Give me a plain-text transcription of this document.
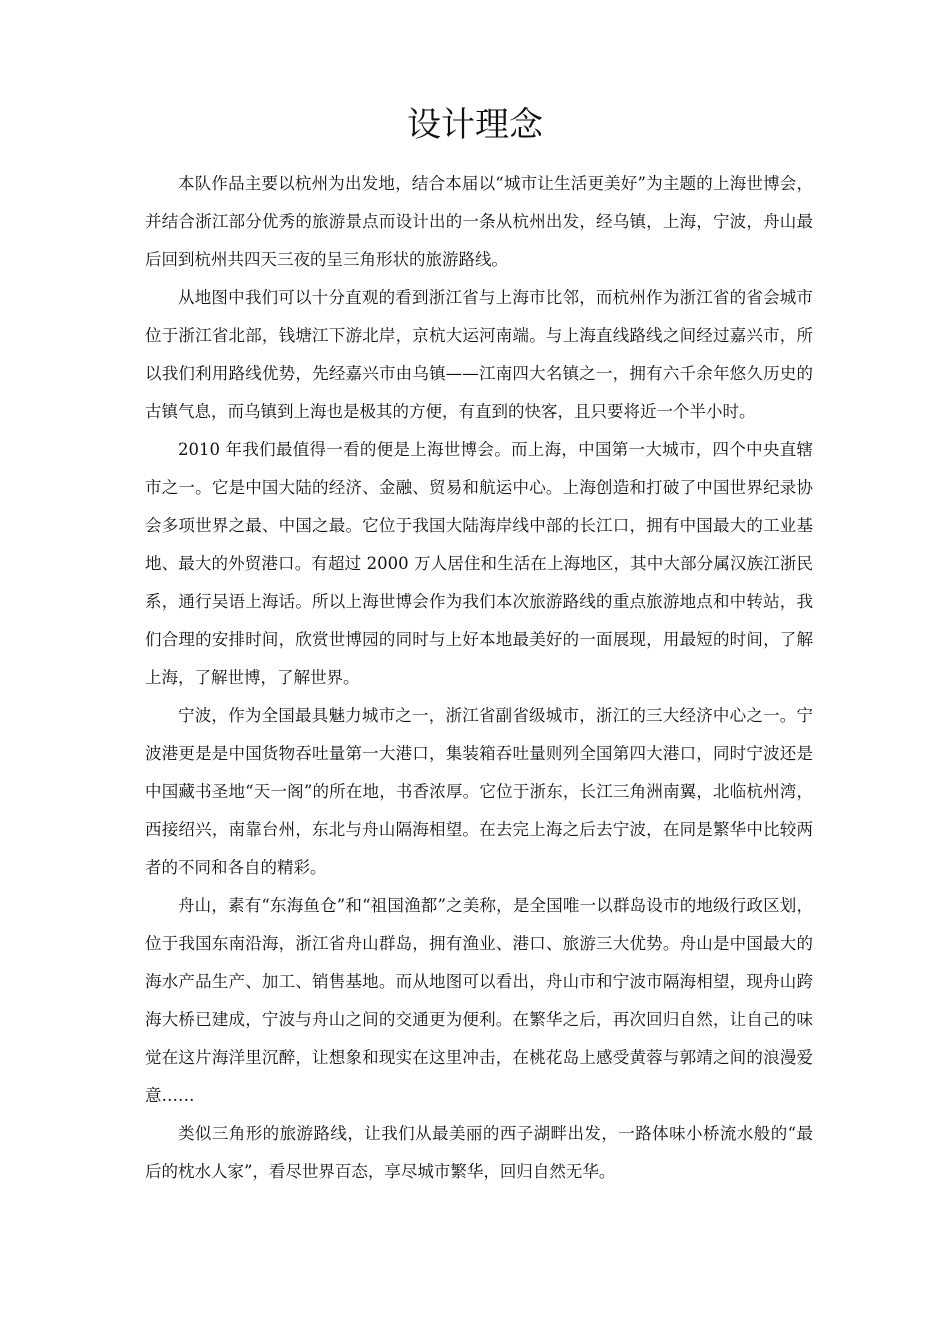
设计理念

本队作品主要以杭州为出发地，结合本届以“城市让生活更美好”为主题的上海世博会，并结合浙江部分优秀的旅游景点而设计出的一条从杭州出发，经乌镇，上海，宁波，舟山最后回到杭州共四天三夜的呈三角形状的旅游路线。

从地图中我们可以十分直观的看到浙江省与上海市比邻，而杭州作为浙江省的省会城市位于浙江省北部，钱塘江下游北岸，京杭大运河南端。与上海直线路线之间经过嘉兴市，所以我们利用路线优势，先经嘉兴市由乌镇——江南四大名镇之一，拥有六千余年悠久历史的古镇气息，而乌镇到上海也是极其的方便，有直到的快客，且只要将近一个半小时。

2010 年我们最值得一看的便是上海世博会。而上海，中国第一大城市，四个中央直辖市之一。它是中国大陆的经济、金融、贸易和航运中心。上海创造和打破了中国世界纪录协会多项世界之最、中国之最。它位于我国大陆海岸线中部的长江口，拥有中国最大的工业基地、最大的外贸港口。有超过 2000 万人居住和生活在上海地区，其中大部分属汉族江浙民系，通行吴语上海话。所以上海世博会作为我们本次旅游路线的重点旅游地点和中转站，我们合理的安排时间，欣赏世博园的同时与上好本地最美好的一面展现，用最短的时间，了解上海，了解世博，了解世界。

宁波，作为全国最具魅力城市之一，浙江省副省级城市，浙江的三大经济中心之一。宁波港更是是中国货物吞吐量第一大港口，集装箱吞吐量则列全国第四大港口，同时宁波还是中国藏书圣地“天一阁”的所在地，书香浓厚。它位于浙东，长江三角洲南翼，北临杭州湾，西接绍兴，南靠台州，东北与舟山隔海相望。在去完上海之后去宁波，在同是繁华中比较两者的不同和各自的精彩。

舟山，素有“东海鱼仓”和“祖国渔都”之美称，是全国唯一以群岛设市的地级行政区划，位于我国东南沿海，浙江省舟山群岛，拥有渔业、港口、旅游三大优势。舟山是中国最大的海水产品生产、加工、销售基地。而从地图可以看出，舟山市和宁波市隔海相望，现舟山跨海大桥已建成，宁波与舟山之间的交通更为便利。在繁华之后，再次回归自然，让自己的味觉在这片海洋里沉醉，让想象和现实在这里冲击，在桃花岛上感受黄蓉与郭靖之间的浪漫爱意……

类似三角形的旅游路线，让我们从最美丽的西子湖畔出发，一路体味小桥流水般的“最后的枕水人家”，看尽世界百态，享尽城市繁华，回归自然无华。
